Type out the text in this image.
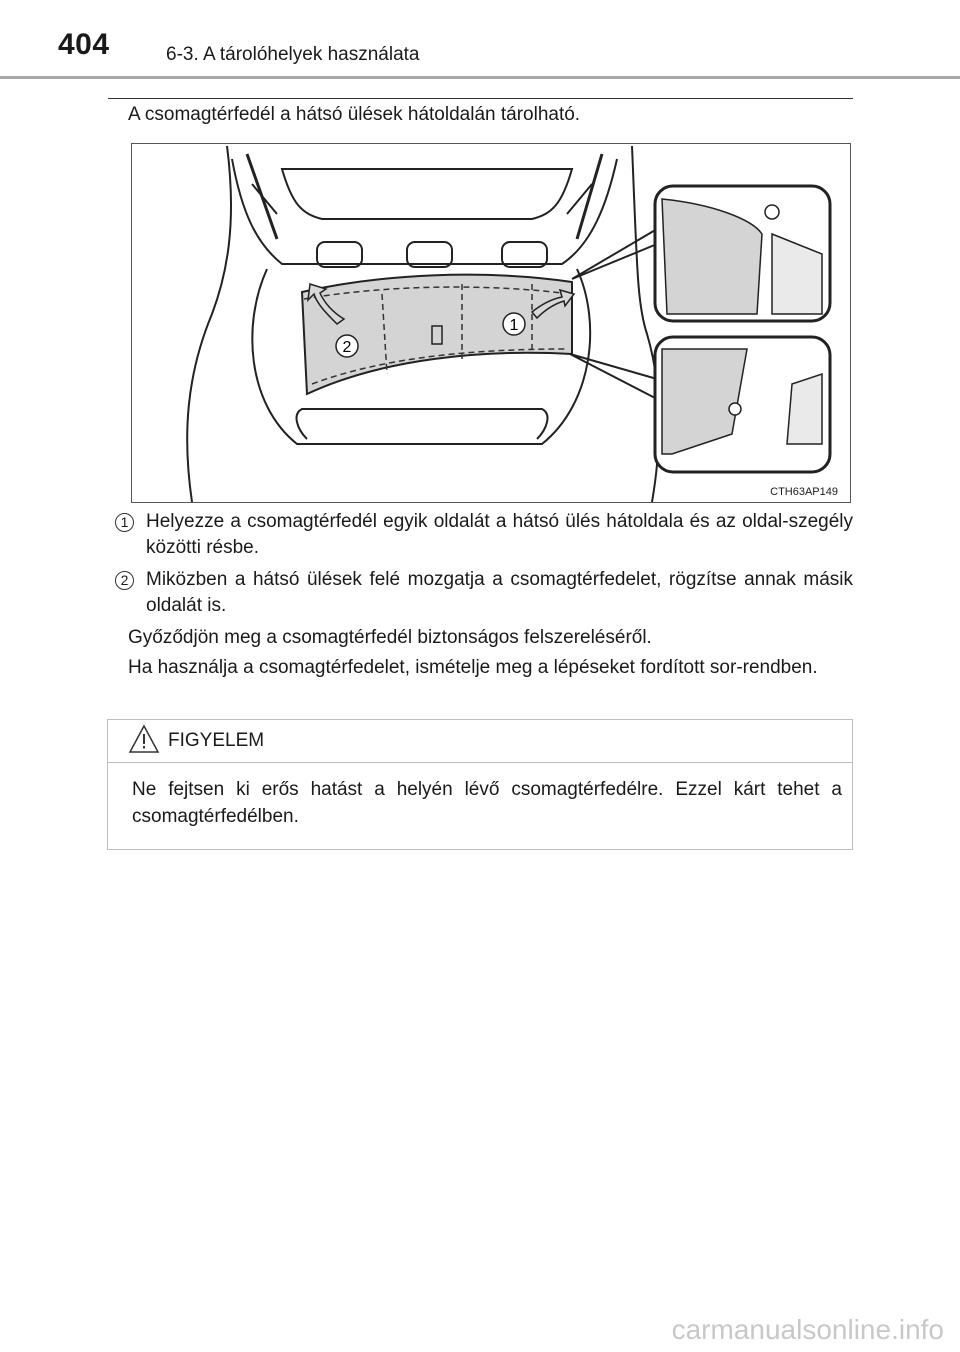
404	6-3. A tárolóhelyek használata
A csomagtérfedél a hátsó ülések hátoldalán tárolható.
1
2
CTH63AP149
1 Helyezze a csomagtérfedél egyik oldalát a hátsó ülés hátoldala és az oldal-szegély közötti résbe.
2 Miközben a hátsó ülések felé mozgatja a csomagtérfedelet, rögzítse annak másik oldalát is.
Győződjön meg a csomagtérfedél biztonságos felszereléséről.
Ha használja a csomagtérfedelet, ismételje meg a lépéseket fordított sor-rendben.
FIGYELEM
Ne fejtsen ki erős hatást a helyén lévő csomagtérfedélre. Ezzel kárt tehet a csomagtérfedélben.
carmanualsonline.info
